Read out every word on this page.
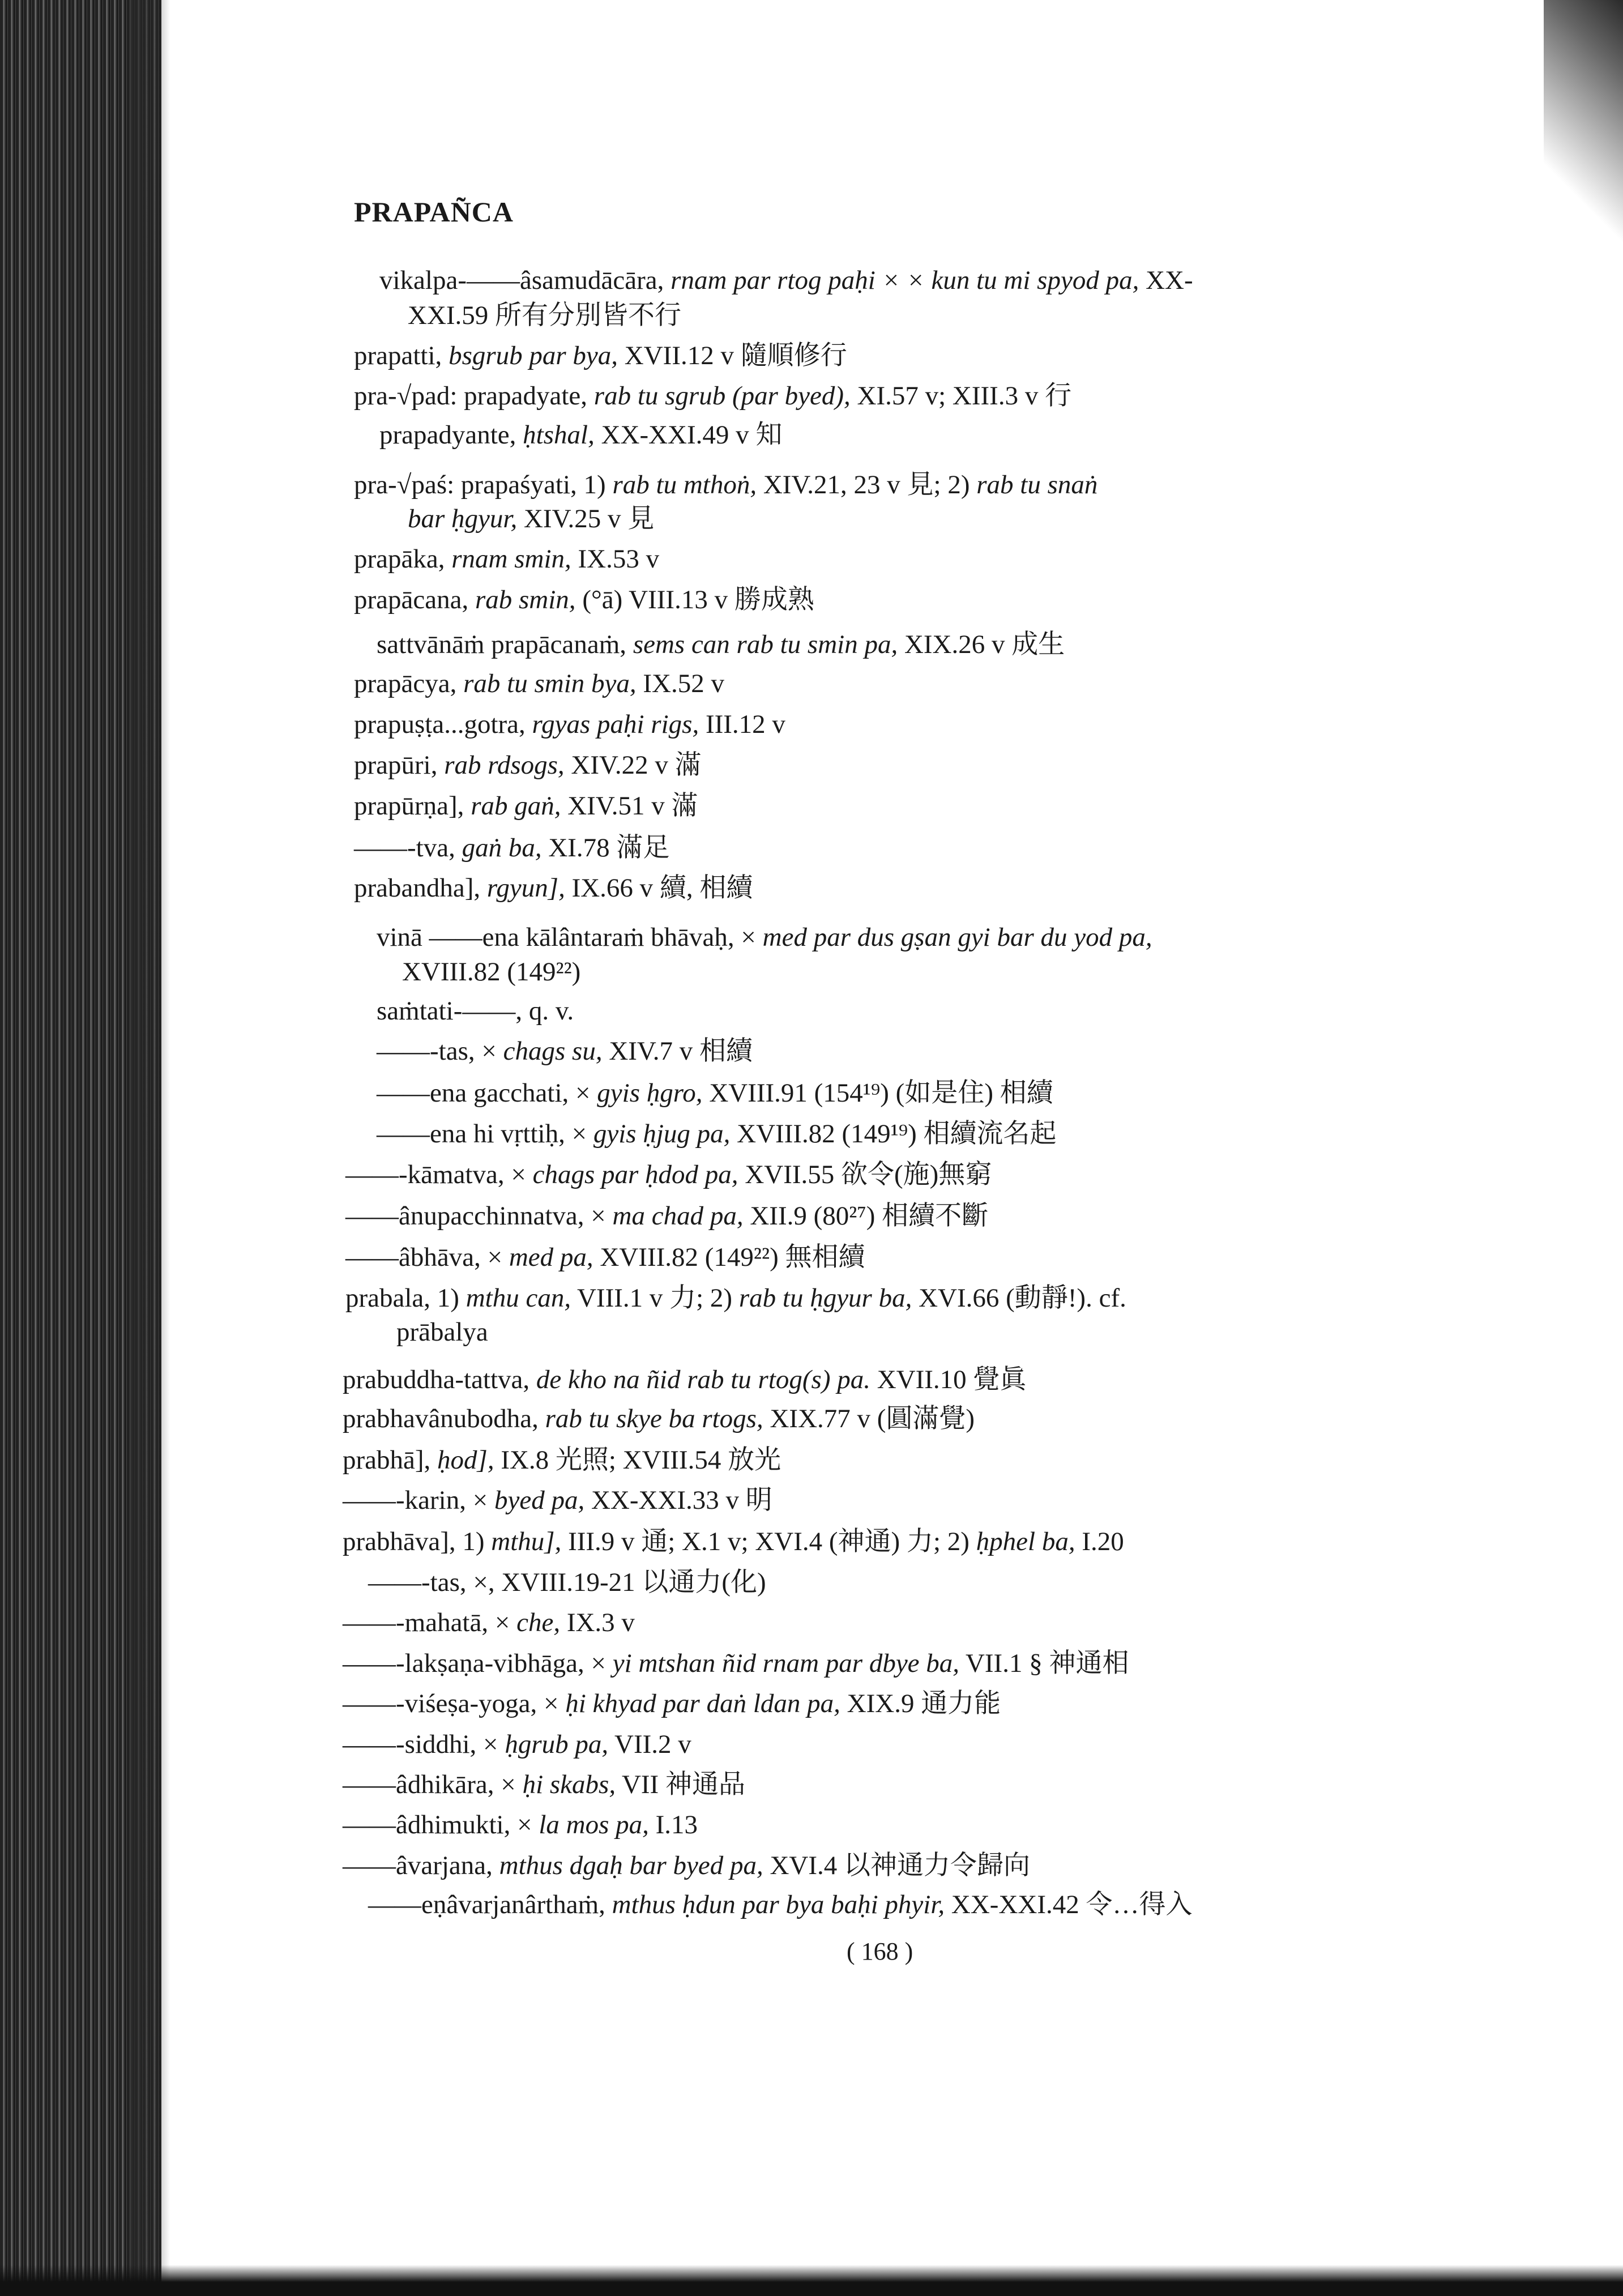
PRAPAÑCA
vikalpa-——âsamudācāra, rnam par rtog paḥi × × kun tu mi spyod pa, XX-
XXI.59 所有分別皆不行
prapatti, bsgrub par bya, XVII.12 v 隨順修行
pra-√pad: prapadyate, rab tu sgrub (par byed), XI.57 v; XIII.3 v 行
prapadyante, ḥtshal, XX-XXI.49 v 知
pra-√paś: prapaśyati, 1) rab tu mthoṅ, XIV.21, 23 v 見; 2) rab tu snaṅ
bar ḥgyur, XIV.25 v 見
prapāka, rnam smin, IX.53 v
prapācana, rab smin, (°ā) VIII.13 v 勝成熟
sattvānāṁ prapācanaṁ, sems can rab tu smin pa, XIX.26 v 成生
prapācya, rab tu smin bya, IX.52 v
prapuṣṭa...gotra, rgyas paḥi rigs, III.12 v
prapūri, rab rdsogs, XIV.22 v 滿
prapūrṇa], rab gaṅ, XIV.51 v 滿
——-tva, gaṅ ba, XI.78 滿足
prabandha], rgyun], IX.66 v 續, 相續
vinā ——ena kālântaraṁ bhāvaḥ, × med par dus gṣan gyi bar du yod pa,
XVIII.82 (149²²)
saṁtati-——, q. v.
——-tas, × chags su, XIV.7 v 相續
——ena gacchati, × gyis ḥgro, XVIII.91 (154¹⁹) (如是住) 相續
——ena hi vṛttiḥ, × gyis ḥjug pa, XVIII.82 (149¹⁹) 相續流名起
——-kāmatva, × chags par ḥdod pa, XVII.55 欲令(施)無窮
——ânupacchinnatva, × ma chad pa, XII.9 (80²⁷) 相續不斷
——âbhāva, × med pa, XVIII.82 (149²²) 無相續
prabala, 1) mthu can, VIII.1 v 力; 2) rab tu ḥgyur ba, XVI.66 (動靜!). cf.
prābalya
prabuddha-tattva, de kho na ñid rab tu rtog(s) pa. XVII.10 覺眞
prabhavânubodha, rab tu skye ba rtogs, XIX.77 v (圓滿覺)
prabhā], ḥod], IX.8 光照; XVIII.54 放光
——-karin, × byed pa, XX-XXI.33 v 明
prabhāva], 1) mthu], III.9 v 通; X.1 v; XVI.4 (神通) 力; 2) ḥphel ba, I.20
——-tas, ×, XVIII.19-21 以通力(化)
——-mahatā, × che, IX.3 v
——-lakṣaṇa-vibhāga, × yi mtshan ñid rnam par dbye ba, VII.1 § 神通相
——-viśeṣa-yoga, × ḥi khyad par daṅ ldan pa, XIX.9 通力能
——-siddhi, × ḥgrub pa, VII.2 v
——âdhikāra, × ḥi skabs, VII 神通品
——âdhimukti, × la mos pa, I.13
——âvarjana, mthus dgaḥ bar byed pa, XVI.4 以神通力令歸向
——eṇâvarjanârthaṁ, mthus ḥdun par bya baḥi phyir, XX-XXI.42 令…得入
( 168 )
